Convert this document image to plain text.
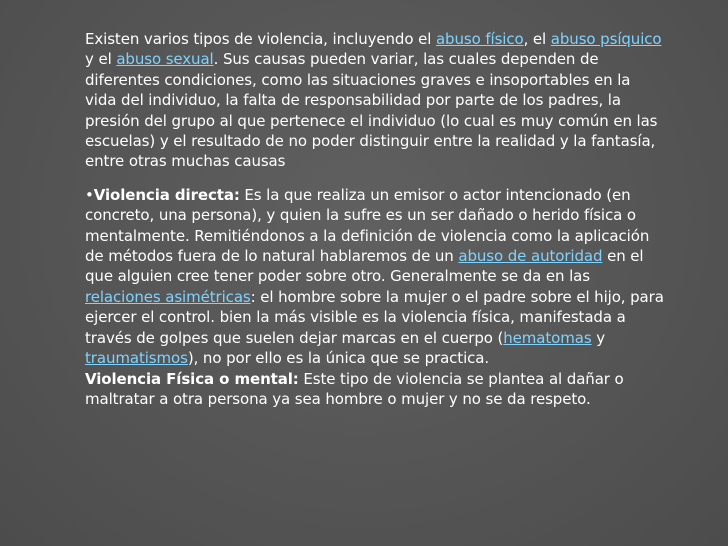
Existen varios tipos de violencia, incluyendo el abuso físico, el abuso psíquico y el abuso sexual. Sus causas pueden variar, las cuales dependen de diferentes condiciones, como las situaciones graves e insoportables en la vida del individuo, la falta de responsabilidad por parte de los padres, la presión del grupo al que pertenece el individuo (lo cual es muy común en las escuelas) y el resultado de no poder distinguir entre la realidad y la fantasía, entre otras muchas causas

•Violencia directa: Es la que realiza un emisor o actor intencionado (en concreto, una persona), y quien la sufre es un ser dañado o herido física o mentalmente. Remitiéndonos a la definición de violencia como la aplicación de métodos fuera de lo natural hablaremos de un abuso de autoridad en el que alguien cree tener poder sobre otro. Generalmente se da en las relaciones asimétricas: el hombre sobre la mujer o el padre sobre el hijo, para ejercer el control. bien la más visible es la violencia física, manifestada a través de golpes que suelen dejar marcas en el cuerpo (hematomas y traumatismos), no por ello es la única que se practica.

Violencia Física o mental: Este tipo de violencia se plantea al dañar o maltratar a otra persona ya sea hombre o mujer y no se da respeto.
